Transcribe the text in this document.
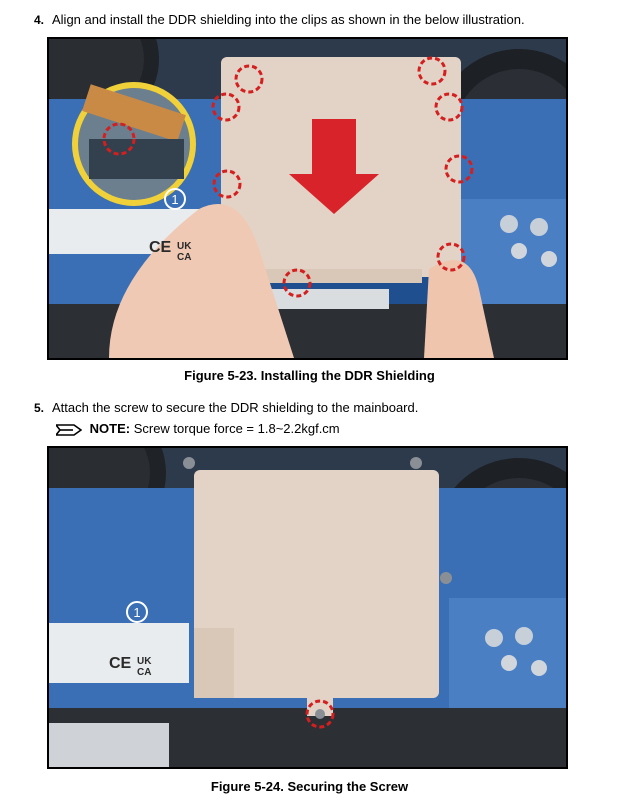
4. Align and install the DDR shielding into the clips as shown in the below illustration.
1
CE UK
CA
Figure 5-23. Installing the DDR Shielding
5. Attach the screw to secure the DDR shielding to the mainboard.
NOTE: Screw torque force = 1.8~2.2kgf.cm
1
CE UK
CA
Figure 5-24. Securing the Screw
